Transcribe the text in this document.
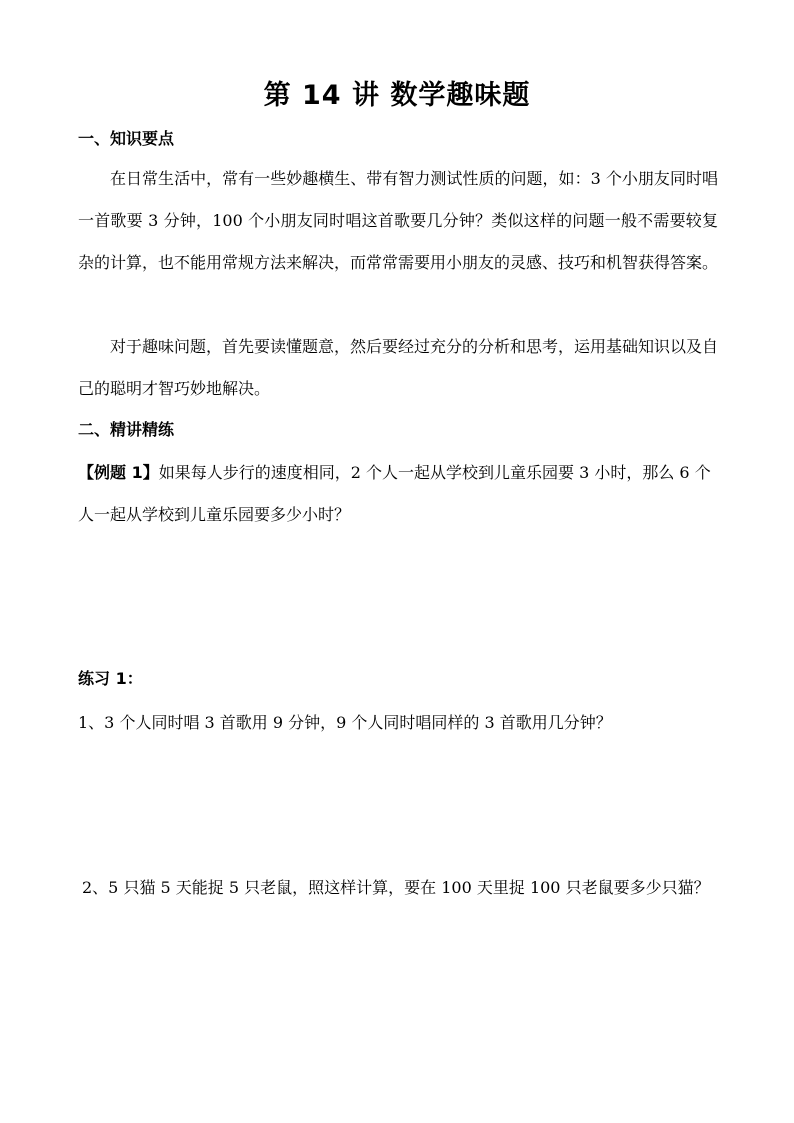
第 14 讲 数学趣味题
一、知识要点
在日常生活中，常有一些妙趣横生、带有智力测试性质的问题，如：3 个小朋友同时唱一首歌要 3 分钟，100 个小朋友同时唱这首歌要几分钟？类似这样的问题一般不需要较复杂的计算，也不能用常规方法来解决，而常常需要用小朋友的灵感、技巧和机智获得答案。
对于趣味问题，首先要读懂题意，然后要经过充分的分析和思考，运用基础知识以及自己的聪明才智巧妙地解决。
二、精讲精练
【例题 1】如果每人步行的速度相同，2 个人一起从学校到儿童乐园要 3 小时，那么 6 个人一起从学校到儿童乐园要多少小时？
练习 1：
1、3 个人同时唱 3 首歌用 9 分钟，9 个人同时唱同样的 3 首歌用几分钟？
2、5 只猫 5 天能捉 5 只老鼠，照这样计算，要在 100 天里捉 100 只老鼠要多少只猫？
